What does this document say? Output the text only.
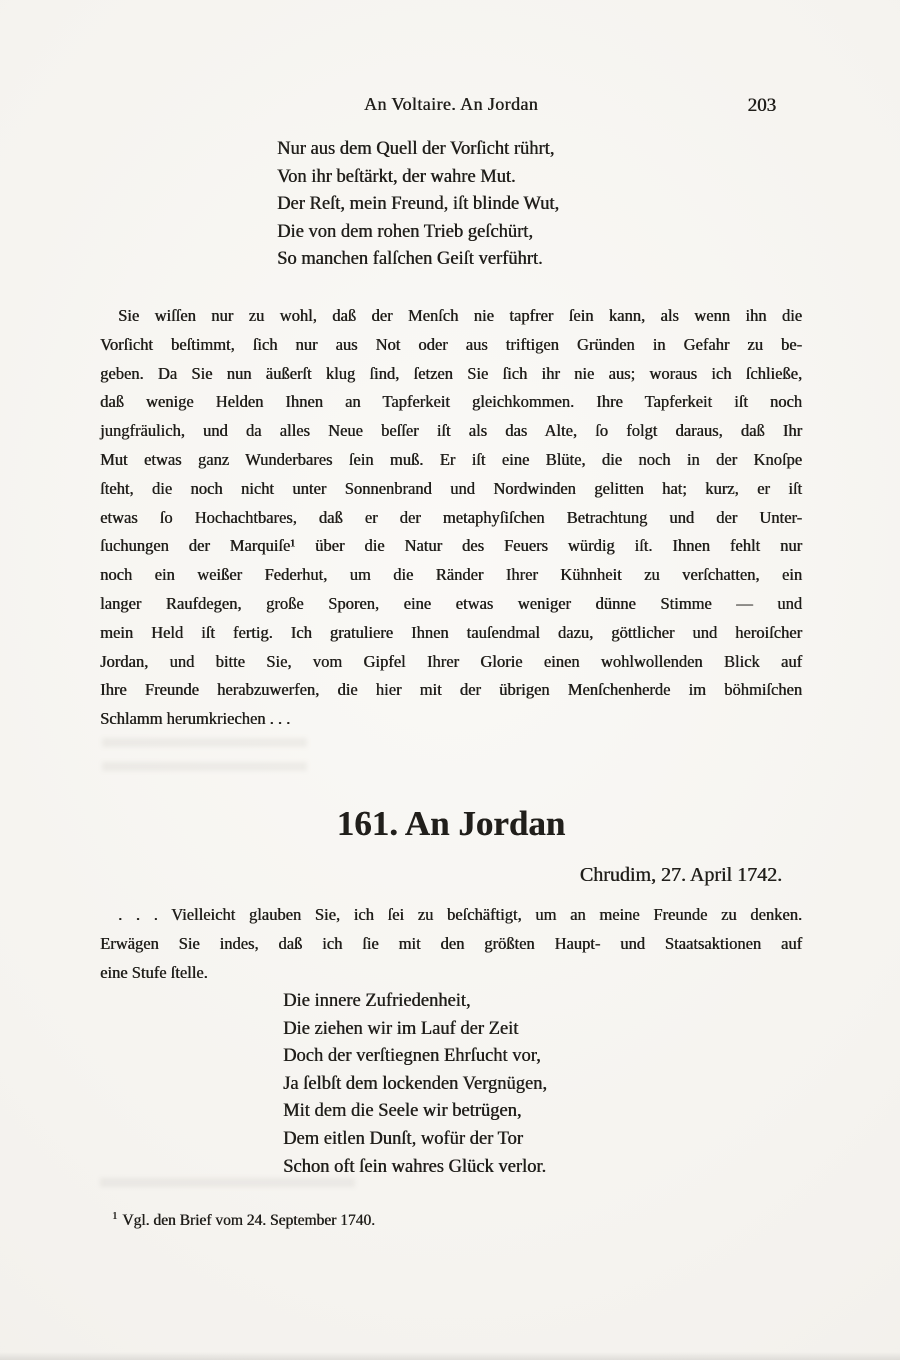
An Voltaire. An Jordan	203
Nur aus dem Quell der Vorſicht rührt,
Von ihr beſtärkt, der wahre Mut.
Der Reſt, mein Freund, iſt blinde Wut,
Die von dem rohen Trieb geſchürt,
So manchen falſchen Geiſt verführt.
Sie wiſſen nur zu wohl, daß der Menſch nie tapfrer ſein kann, als wenn ihn die
Vorſicht beſtimmt, ſich nur aus Not oder aus triftigen Gründen in Gefahr zu be-
geben. Da Sie nun äußerſt klug ſind, ſetzen Sie ſich ihr nie aus; woraus ich ſchließe,
daß wenige Helden Ihnen an Tapferkeit gleichkommen. Ihre Tapferkeit iſt noch
jungfräulich, und da alles Neue beſſer iſt als das Alte, ſo folgt daraus, daß Ihr
Mut etwas ganz Wunderbares ſein muß. Er iſt eine Blüte, die noch in der Knoſpe
ſteht, die noch nicht unter Sonnenbrand und Nordwinden gelitten hat; kurz, er iſt
etwas ſo Hochachtbares, daß er der metaphyſiſchen Betrachtung und der Unter-
ſuchungen der Marquiſe¹ über die Natur des Feuers würdig iſt. Ihnen fehlt nur
noch ein weißer Federhut, um die Ränder Ihrer Kühnheit zu verſchatten, ein
langer Raufdegen, große Sporen, eine etwas weniger dünne Stimme — und
mein Held iſt fertig. Ich gratuliere Ihnen tauſendmal dazu, göttlicher und heroiſcher
Jordan, und bitte Sie, vom Gipfel Ihrer Glorie einen wohlwollenden Blick auf
Ihre Freunde herabzuwerfen, die hier mit der übrigen Menſchenherde im böhmiſchen
Schlamm herumkriechen . . .
161. An Jordan
Chrudim, 27. April 1742.
. . . Vielleicht glauben Sie, ich ſei zu beſchäftigt, um an meine Freunde zu denken.
Erwägen Sie indes, daß ich ſie mit den größten Haupt- und Staatsaktionen auf
eine Stufe ſtelle.
Die innere Zufriedenheit,
Die ziehen wir im Lauf der Zeit
Doch der verſtiegnen Ehrſucht vor,
Ja ſelbſt dem lockenden Vergnügen,
Mit dem die Seele wir betrügen,
Dem eitlen Dunſt, wofür der Tor
Schon oft ſein wahres Glück verlor.
$^1$ Vgl. den Brief vom 24. September 1740.
